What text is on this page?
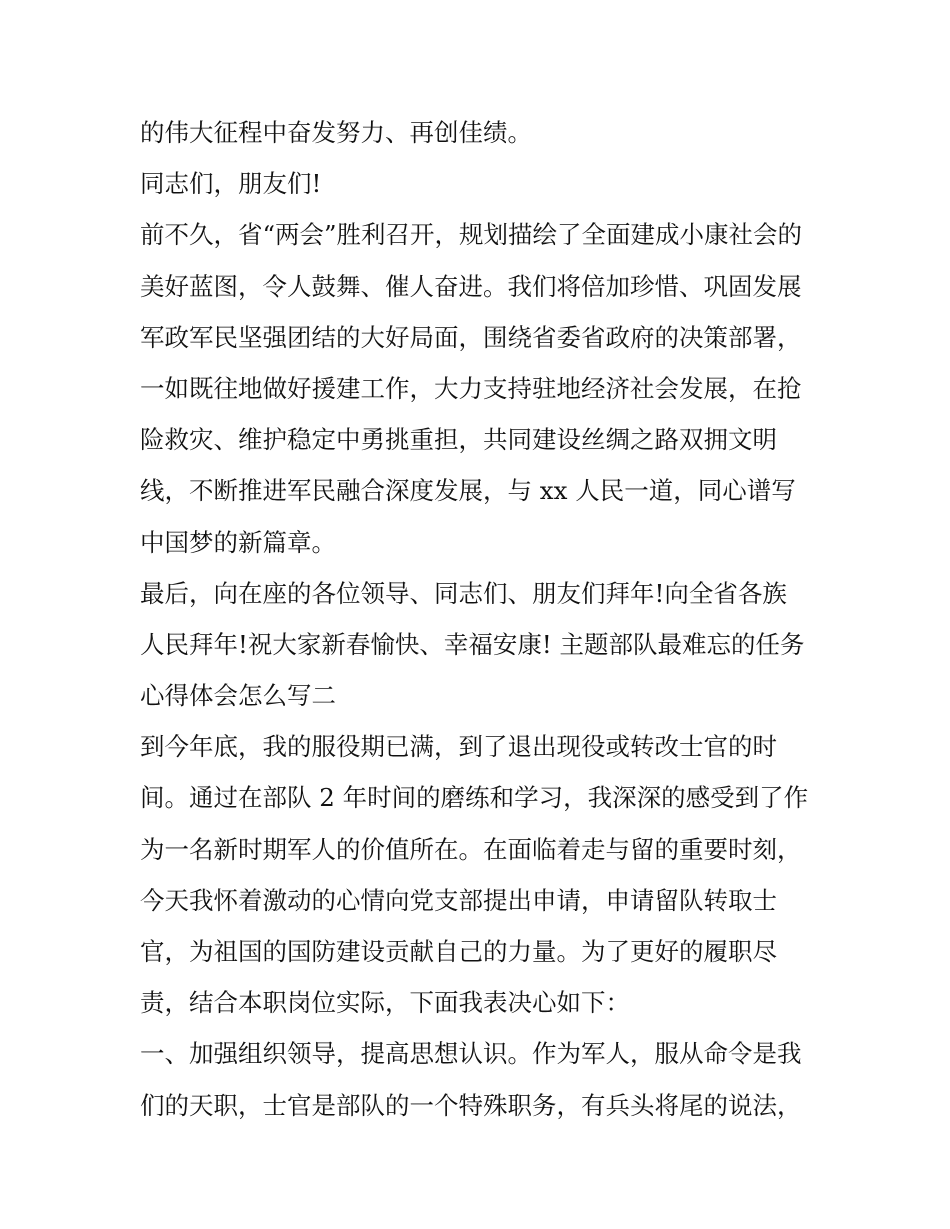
的伟大征程中奋发努力、再创佳绩。
同志们，朋友们!
前不久，省“两会”胜利召开，规划描绘了全面建成小康社会的
美好蓝图，令人鼓舞、催人奋进。我们将倍加珍惜、巩固发展
军政军民坚强团结的大好局面，围绕省委省政府的决策部署，
一如既往地做好援建工作，大力支持驻地经济社会发展，在抢
险救灾、维护稳定中勇挑重担，共同建设丝绸之路双拥文明
线，不断推进军民融合深度发展，与 xx 人民一道，同心谱写
中国梦的新篇章。
最后，向在座的各位领导、同志们、朋友们拜年!向全省各族
人民拜年!祝大家新春愉快、幸福安康! 主题部队最难忘的任务
心得体会怎么写二
到今年底，我的服役期已满，到了退出现役或转改士官的时
间。通过在部队 2 年时间的磨练和学习，我深深的感受到了作
为一名新时期军人的价值所在。在面临着走与留的重要时刻，
今天我怀着激动的心情向党支部提出申请，申请留队转取士
官，为祖国的国防建设贡献自己的力量。为了更好的履职尽
责，结合本职岗位实际，下面我表决心如下：
一、加强组织领导，提高思想认识。作为军人，服从命令是我
们的天职，士官是部队的一个特殊职务，有兵头将尾的说法，
